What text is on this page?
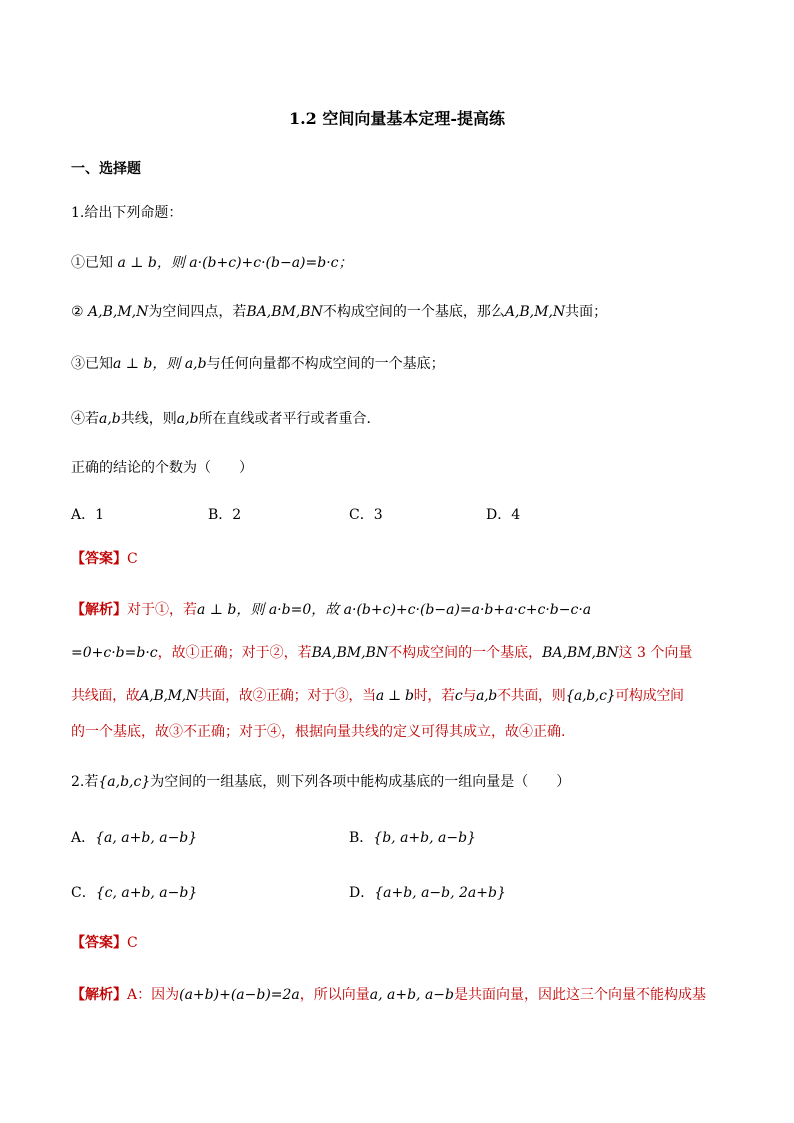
1.2 空间向量基本定理-提高练
一、选择题
1.给出下列命题：
①已知 a ⊥ b，则 a·(b+c)+c·(b−a)=b·c；
② A,B,M,N为空间四点，若BA,BM,BN不构成空间的一个基底，那么A,B,M,N共面；
③已知a ⊥ b，则 a,b与任何向量都不构成空间的一个基底；
④若a,b共线，则a,b所在直线或者平行或者重合．
正确的结论的个数为（　　）
A．1	B．2	C．3	D．4
【答案】C
【解析】对于①，若a ⊥ b，则 a·b=0，故 a·(b+c)+c·(b−a)=a·b+a·c+c·b−c·a
=0+c·b=b·c，故①正确；对于②，若BA,BM,BN不构成空间的一个基底，BA,BM,BN这 3 个向量
共线面，故A,B,M,N共面，故②正确；对于③，当a ⊥ b时，若c与a,b不共面，则{a,b,c}可构成空间
的一个基底，故③不正确；对于④，根据向量共线的定义可得其成立，故④正确.
2.若{a,b,c}为空间的一组基底，则下列各项中能构成基底的一组向量是（　　）
A．{a, a+b, a−b}	B．{b, a+b, a−b}
C．{c, a+b, a−b}	D．{a+b, a−b, 2a+b}
【答案】C
【解析】A：因为(a+b)+(a−b)=2a，所以向量a, a+b, a−b是共面向量，因此这三个向量不能构成基
